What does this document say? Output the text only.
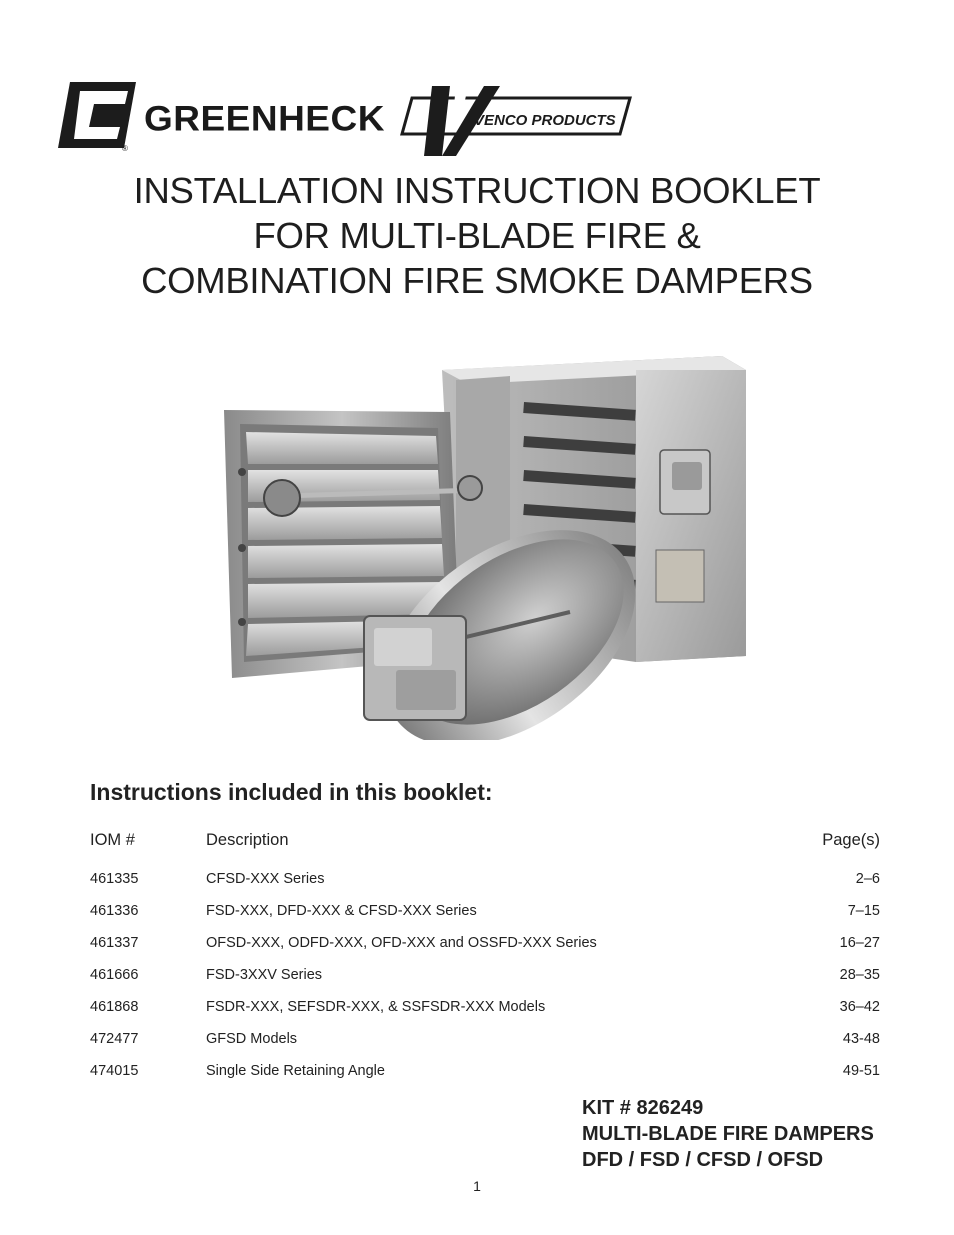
®
GREENHECK	VENCO PRODUCTS
INSTALLATION INSTRUCTION BOOKLET
FOR MULTI-BLADE FIRE &
COMBINATION FIRE SMOKE DAMPERS
Instructions included in this booklet:
IOM #	Description	Page(s)
461335	CFSD-XXX Series	2–6
461336	FSD-XXX, DFD-XXX & CFSD-XXX Series	7–15
461337	OFSD-XXX, ODFD-XXX, OFD-XXX and OSSFD-XXX Series	16–27
461666	FSD-3XXV Series	28–35
461868	FSDR-XXX, SEFSDR-XXX, & SSFSDR-XXX Models	36–42
472477	GFSD Models	43-48
474015	Single Side Retaining Angle	49-51
KIT # 826249
MULTI-BLADE FIRE DAMPERS
DFD / FSD / CFSD / OFSD
1
